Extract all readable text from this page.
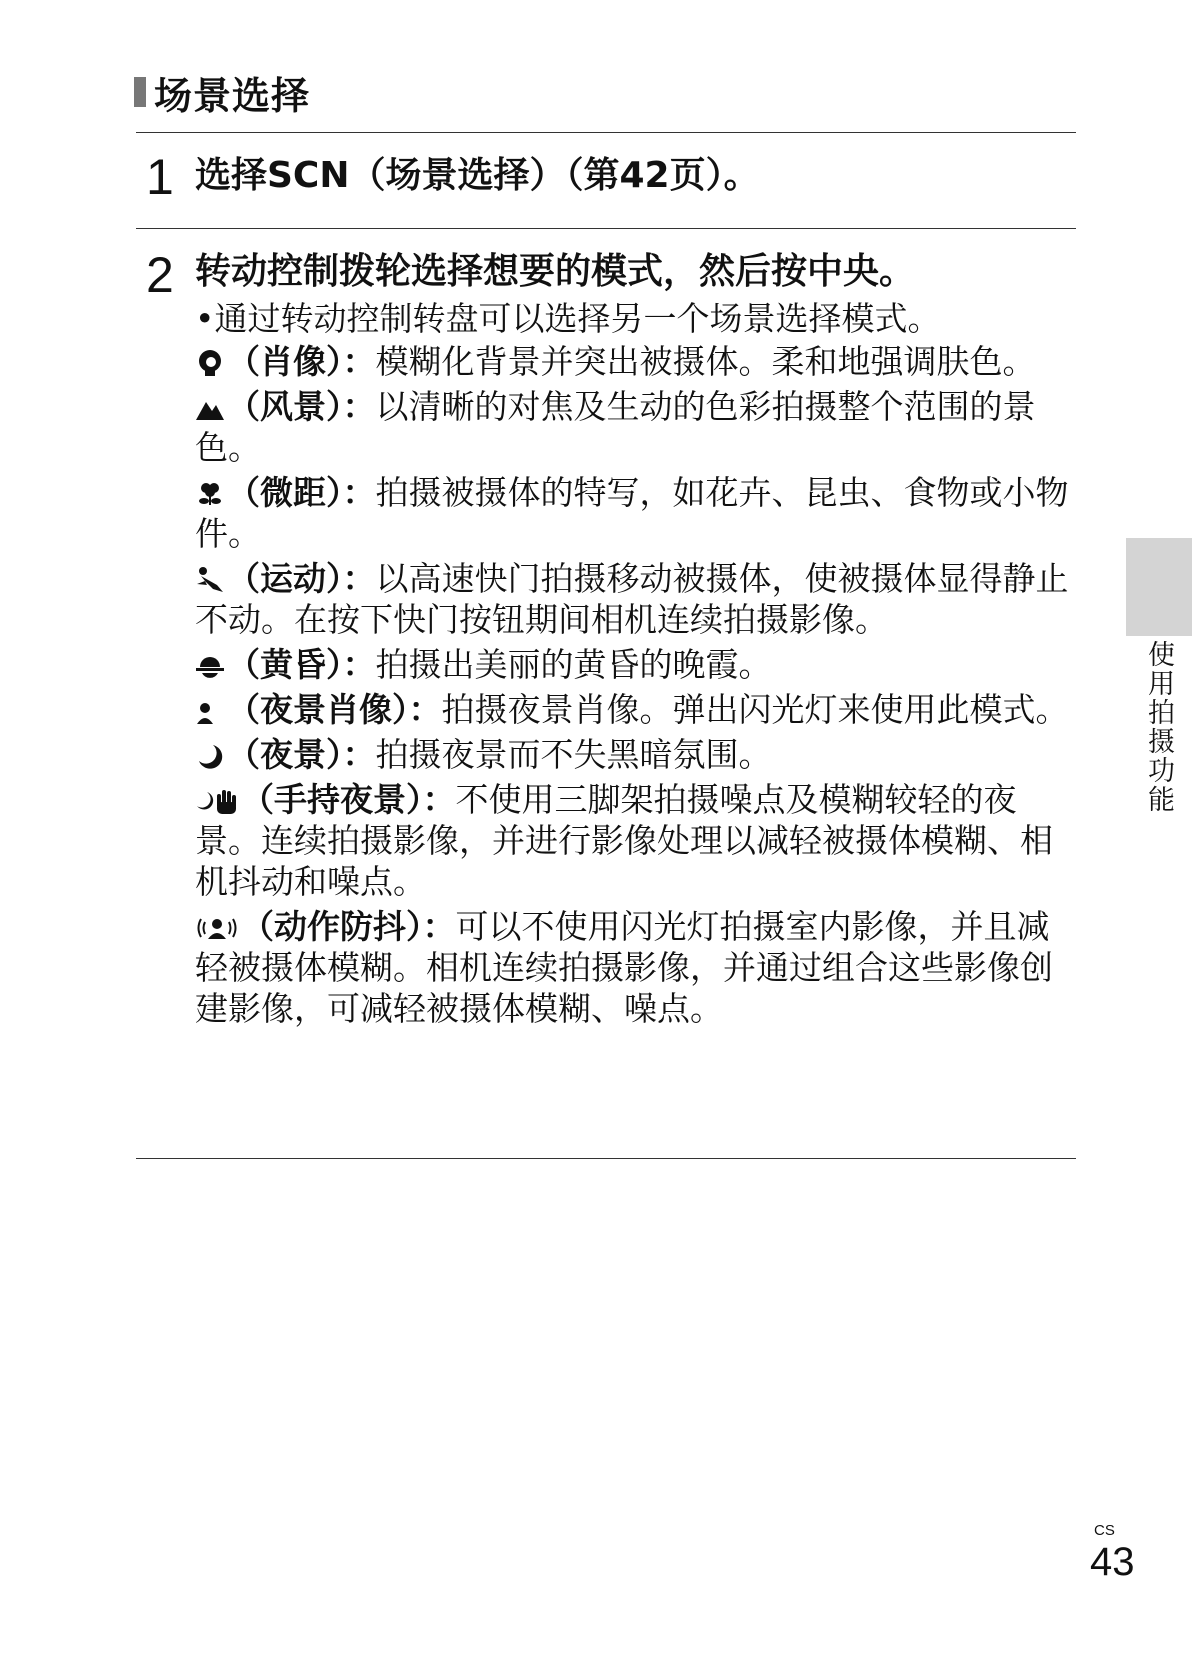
场景选择
1 选择SCN（场景选择）（第42页）。
2 转动控制拨轮选择想要的模式，然后按中央。
•通过转动控制转盘可以选择另一个场景选择模式。
（肖像）：模糊化背景并突出被摄体。柔和地强调肤色。
（风景）：以清晰的对焦及生动的色彩拍摄整个范围的景色。
（微距）：拍摄被摄体的特写，如花卉、昆虫、食物或小物件。
（运动）：以高速快门拍摄移动被摄体，使被摄体显得静止不动。在按下快门按钮期间相机连续拍摄影像。
（黄昏）：拍摄出美丽的黄昏的晚霞。
（夜景肖像）：拍摄夜景肖像。弹出闪光灯来使用此模式。
（夜景）：拍摄夜景而不失黑暗氛围。
（手持夜景）：不使用三脚架拍摄噪点及模糊较轻的夜景。连续拍摄影像，并进行影像处理以减轻被摄体模糊、相机抖动和噪点。
（动作防抖）：可以不使用闪光灯拍摄室内影像，并且减轻被摄体模糊。相机连续拍摄影像，并通过组合这些影像创建影像，可减轻被摄体模糊、噪点。
使用拍摄功能
CS
43
